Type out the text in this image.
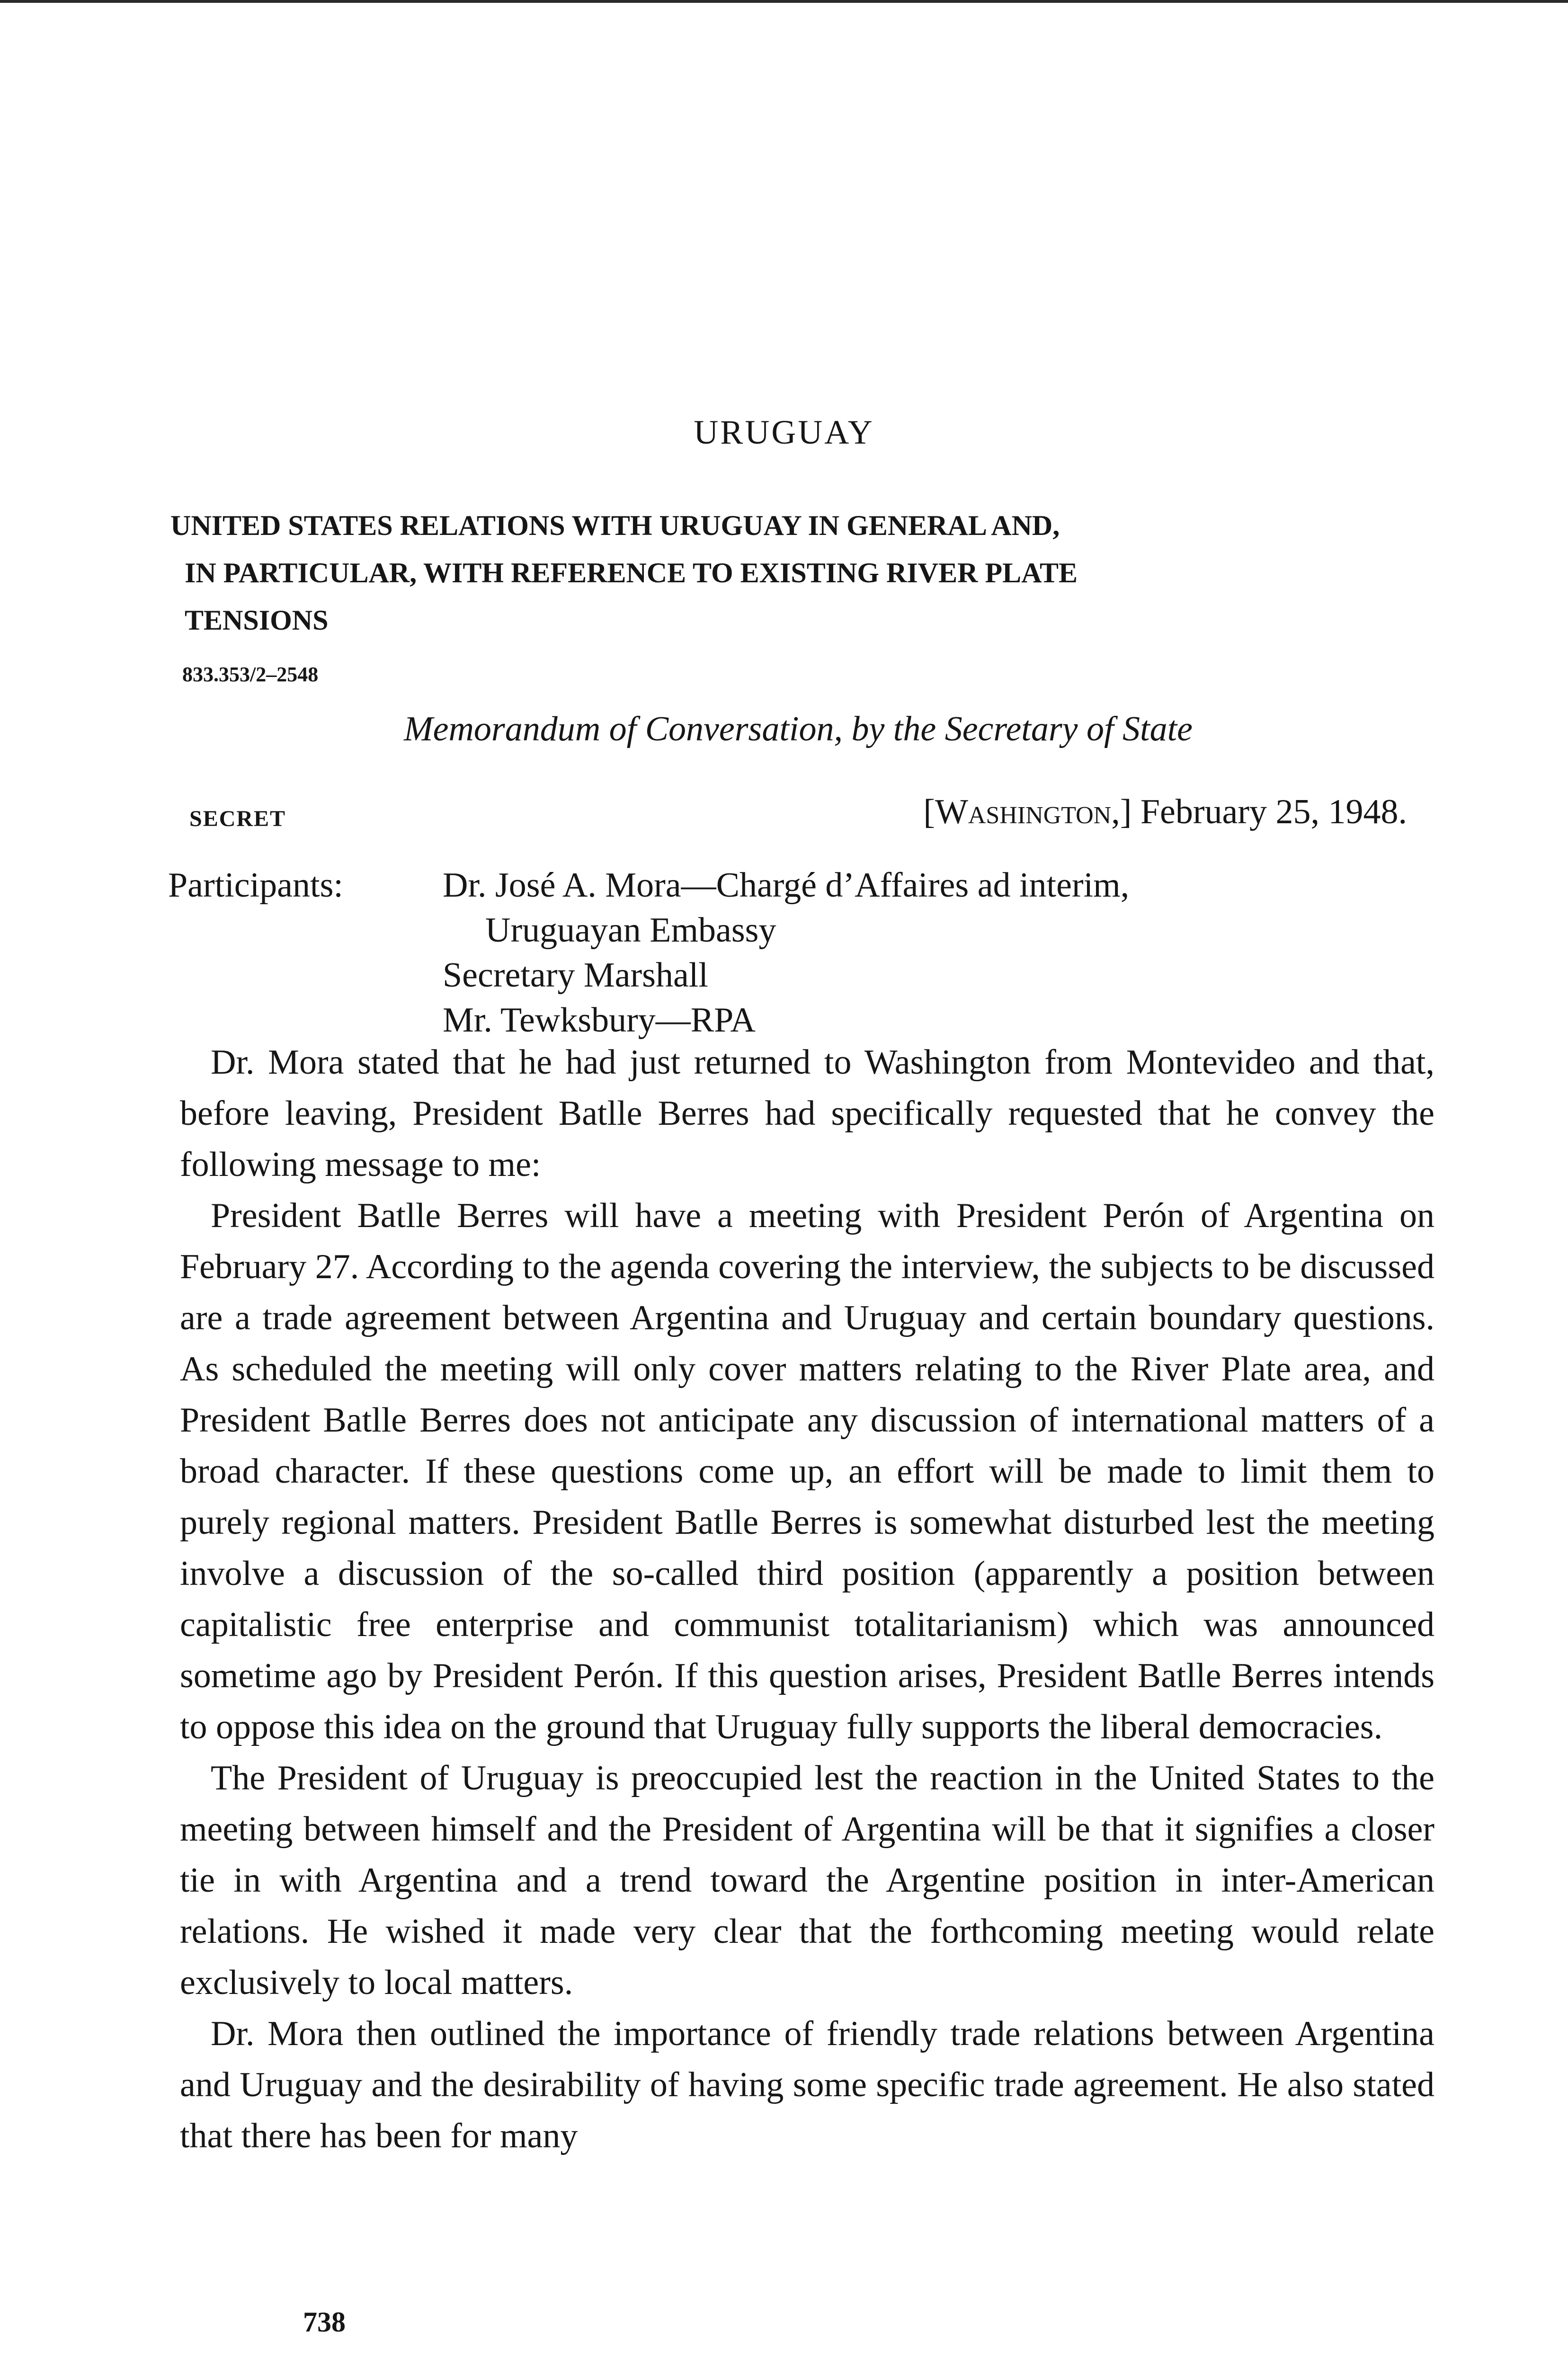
URUGUAY
UNITED STATES RELATIONS WITH URUGUAY IN GENERAL AND,
IN PARTICULAR, WITH REFERENCE TO EXISTING RIVER PLATE
TENSIONS
833.353/2–2548
Memorandum of Conversation, by the Secretary of State
SECRET	[Washington,] February 25, 1948.
Participants:	Dr. José A. Mora—Chargé d’Affaires ad interim,
Uruguayan Embassy
Secretary Marshall
Mr. Tewksbury—RPA

Dr. Mora stated that he had just returned to Washington from Montevideo and that, before leaving, President Batlle Berres had specifically requested that he convey the following message to me:

President Batlle Berres will have a meeting with President Perón of Argentina on February 27. According to the agenda covering the interview, the subjects to be discussed are a trade agreement between Argentina and Uruguay and certain boundary questions. As scheduled the meeting will only cover matters relating to the River Plate area, and President Batlle Berres does not anticipate any discussion of international matters of a broad character. If these questions come up, an effort will be made to limit them to purely regional matters. President Batlle Berres is somewhat disturbed lest the meeting involve a discussion of the so-called third position (apparently a position between capitalistic free enterprise and communist totalitarianism) which was announced sometime ago by President Perón. If this question arises, President Batlle Berres intends to oppose this idea on the ground that Uruguay fully supports the liberal democracies.

The President of Uruguay is preoccupied lest the reaction in the United States to the meeting between himself and the President of Argentina will be that it signifies a closer tie in with Argentina and a trend toward the Argentine position in inter-American relations. He wished it made very clear that the forthcoming meeting would relate exclusively to local matters.

Dr. Mora then outlined the importance of friendly trade relations between Argentina and Uruguay and the desirability of having some specific trade agreement. He also stated that there has been for many

738
